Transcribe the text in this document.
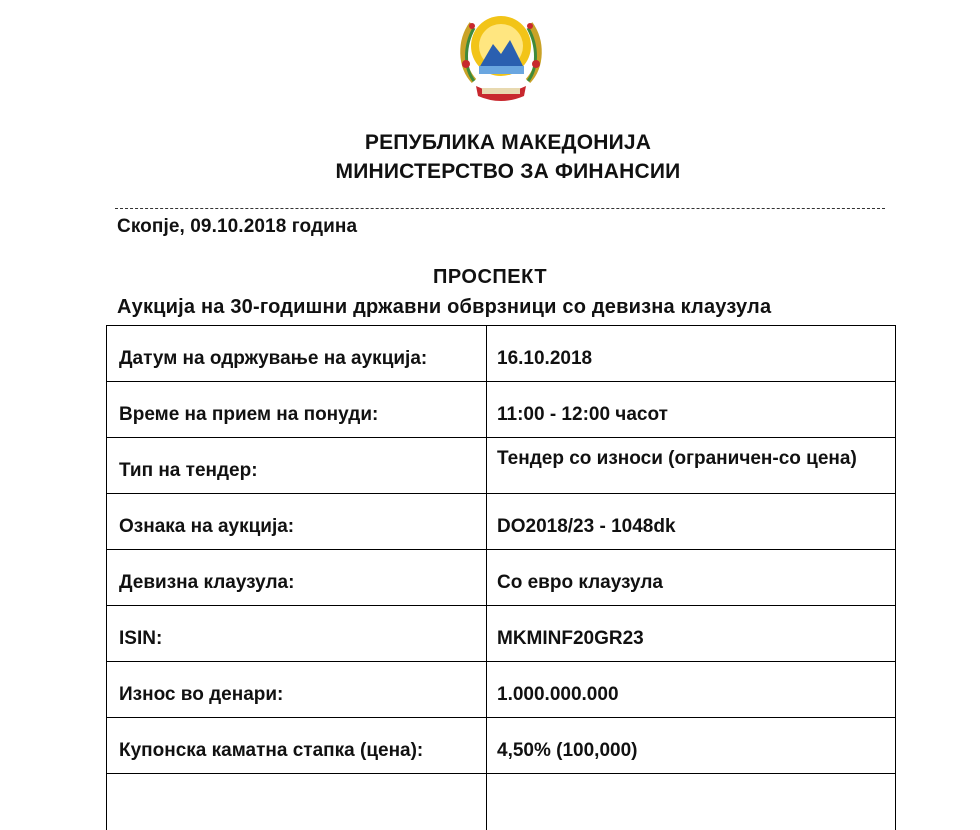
РЕПУБЛИКА МАКЕДОНИЈА
МИНИСТЕРСТВО ЗА ФИНАНСИИ
Скопје, 09.10.2018 година
ПРОСПЕКТ
Аукција на 30-годишни државни обврзници со девизна клаузула
Датум на одржување на аукција:	16.10.2018
Време на прием на понуди:	11:00 - 12:00 часот
Тип на тендер:	Тендер со износи (ограничен-со цена)
Ознака на аукција:	DO2018/23 - 1048dk
Девизна клаузула:	Со евро клаузула
ISIN:	MKMINF20GR23
Износ во денари:	1.000.000.000
Купонска каматна стапка (цена):	4,50% (100,000)
